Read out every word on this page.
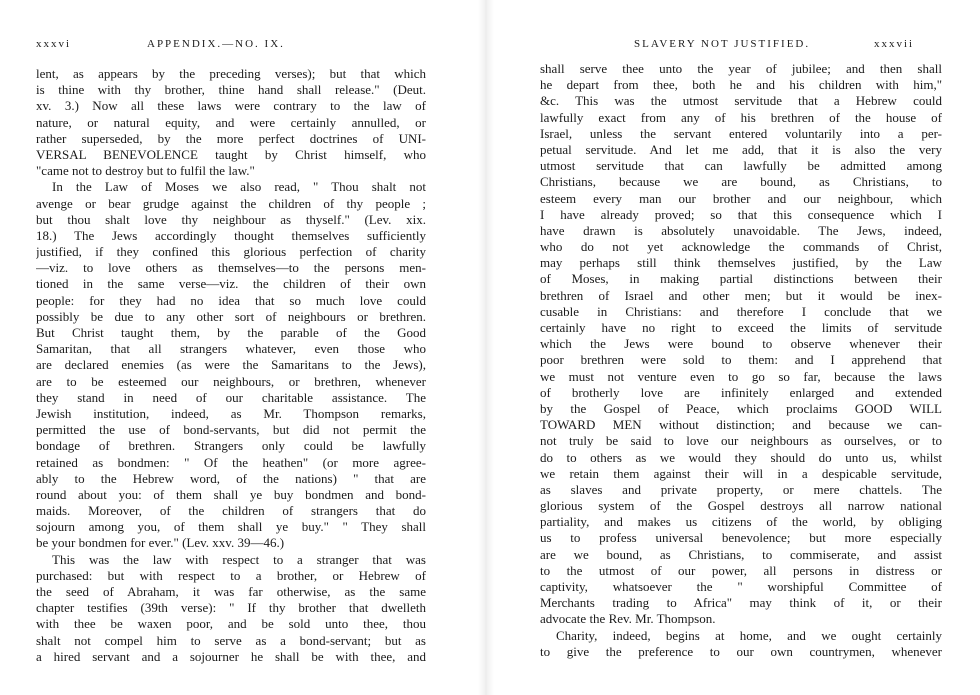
xxxvi	APPENDIX.—NO. IX.
lent, as appears by the preceding verses); but that which
is thine with thy brother, thine hand shall release." (Deut.
xv. 3.) Now all these laws were contrary to the law of
nature, or natural equity, and were certainly annulled, or
rather superseded, by the more perfect doctrines of UNI-
VERSAL BENEVOLENCE taught by Christ himself, who
"came not to destroy but to fulfil the law."
In the Law of Moses we also read, " Thou shalt not
avenge or bear grudge against the children of thy people ;
but thou shalt love thy neighbour as thyself." (Lev. xix.
18.) The Jews accordingly thought themselves sufficiently
justified, if they confined this glorious perfection of charity
—viz. to love others as themselves—to the persons men-
tioned in the same verse—viz. the children of their own
people: for they had no idea that so much love could
possibly be due to any other sort of neighbours or brethren.
But Christ taught them, by the parable of the Good
Samaritan, that all strangers whatever, even those who
are declared enemies (as were the Samaritans to the Jews),
are to be esteemed our neighbours, or brethren, whenever
they stand in need of our charitable assistance. The
Jewish institution, indeed, as Mr. Thompson remarks,
permitted the use of bond-servants, but did not permit the
bondage of brethren. Strangers only could be lawfully
retained as bondmen: " Of the heathen" (or more agree-
ably to the Hebrew word, of the nations) " that are
round about you: of them shall ye buy bondmen and bond-
maids. Moreover, of the children of strangers that do
sojourn among you, of them shall ye buy." " They shall
be your bondmen for ever." (Lev. xxv. 39—46.)
This was the law with respect to a stranger that was
purchased: but with respect to a brother, or Hebrew of
the seed of Abraham, it was far otherwise, as the same
chapter testifies (39th verse): " If thy brother that dwelleth
with thee be waxen poor, and be sold unto thee, thou
shalt not compel him to serve as a bond-servant; but as
a hired servant and a sojourner he shall be with thee, and
SLAVERY NOT JUSTIFIED.	xxxvii
shall serve thee unto the year of jubilee; and then shall
he depart from thee, both he and his children with him,"
&c. This was the utmost servitude that a Hebrew could
lawfully exact from any of his brethren of the house of
Israel, unless the servant entered voluntarily into a per-
petual servitude. And let me add, that it is also the very
utmost servitude that can lawfully be admitted among
Christians, because we are bound, as Christians, to
esteem every man our brother and our neighbour, which
I have already proved; so that this consequence which I
have drawn is absolutely unavoidable. The Jews, indeed,
who do not yet acknowledge the commands of Christ,
may perhaps still think themselves justified, by the Law
of Moses, in making partial distinctions between their
brethren of Israel and other men; but it would be inex-
cusable in Christians: and therefore I conclude that we
certainly have no right to exceed the limits of servitude
which the Jews were bound to observe whenever their
poor brethren were sold to them: and I apprehend that
we must not venture even to go so far, because the laws
of brotherly love are infinitely enlarged and extended
by the Gospel of Peace, which proclaims GOOD WILL
TOWARD MEN without distinction; and because we can-
not truly be said to love our neighbours as ourselves, or to
do to others as we would they should do unto us, whilst
we retain them against their will in a despicable servitude,
as slaves and private property, or mere chattels. The
glorious system of the Gospel destroys all narrow national
partiality, and makes us citizens of the world, by obliging
us to profess universal benevolence; but more especially
are we bound, as Christians, to commiserate, and assist
to the utmost of our power, all persons in distress or
captivity, whatsoever the " worshipful Committee of
Merchants trading to Africa" may think of it, or their
advocate the Rev. Mr. Thompson.
Charity, indeed, begins at home, and we ought certainly
to give the preference to our own countrymen, whenever
